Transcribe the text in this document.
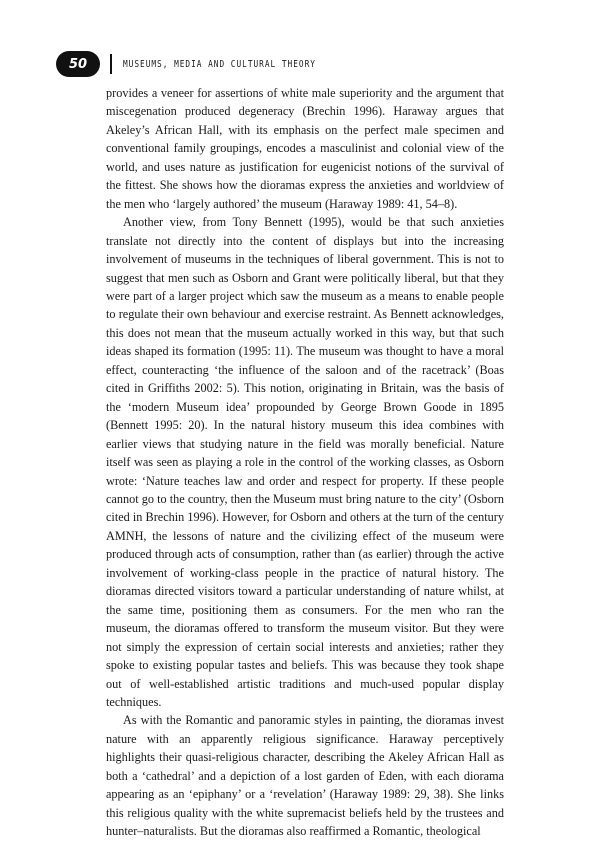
50	MUSEUMS, MEDIA AND CULTURAL THEORY

provides a veneer for assertions of white male superiority and the argument that miscegenation produced degeneracy (Brechin 1996). Haraway argues that Akeley’s African Hall, with its emphasis on the perfect male specimen and conventional family groupings, encodes a masculinist and colonial view of the world, and uses nature as justification for eugenicist notions of the survival of the fittest. She shows how the dioramas express the anxieties and worldview of the men who ‘largely authored’ the museum (Haraway 1989: 41, 54–8).

Another view, from Tony Bennett (1995), would be that such anxieties translate not directly into the content of displays but into the increasing involvement of museums in the techniques of liberal government. This is not to suggest that men such as Osborn and Grant were politically liberal, but that they were part of a larger project which saw the museum as a means to enable people to regulate their own behaviour and exercise restraint. As Bennett acknowledges, this does not mean that the museum actually worked in this way, but that such ideas shaped its formation (1995: 11). The museum was thought to have a moral effect, counteracting ‘the influence of the saloon and of the racetrack’ (Boas cited in Griffiths 2002: 5). This notion, originating in Britain, was the basis of the ‘modern Museum idea’ propounded by George Brown Goode in 1895 (Bennett 1995: 20). In the natural history museum this idea combines with earlier views that studying nature in the field was morally beneficial. Nature itself was seen as playing a role in the control of the working classes, as Osborn wrote: ‘Nature teaches law and order and respect for property. If these people cannot go to the country, then the Museum must bring nature to the city’ (Osborn cited in Brechin 1996). However, for Osborn and others at the turn of the century AMNH, the lessons of nature and the civilizing effect of the museum were produced through acts of consumption, rather than (as earlier) through the active involvement of working-class people in the practice of natural history. The dioramas directed visitors toward a particular understanding of nature whilst, at the same time, positioning them as consumers. For the men who ran the museum, the dioramas offered to transform the museum visitor. But they were not simply the expression of certain social interests and anxieties; rather they spoke to existing popular tastes and beliefs. This was because they took shape out of well-established artistic traditions and much-used popular display techniques.

As with the Romantic and panoramic styles in painting, the dioramas invest nature with an apparently religious significance. Haraway perceptively highlights their quasi-religious character, describing the Akeley African Hall as both a ‘cathedral’ and a depiction of a lost garden of Eden, with each diorama appearing as an ‘epiphany’ or a ‘revelation’ (Haraway 1989: 29, 38). She links this religious quality with the white supremacist beliefs held by the trustees and hunter–naturalists. But the dioramas also reaffirmed a Romantic, theological
